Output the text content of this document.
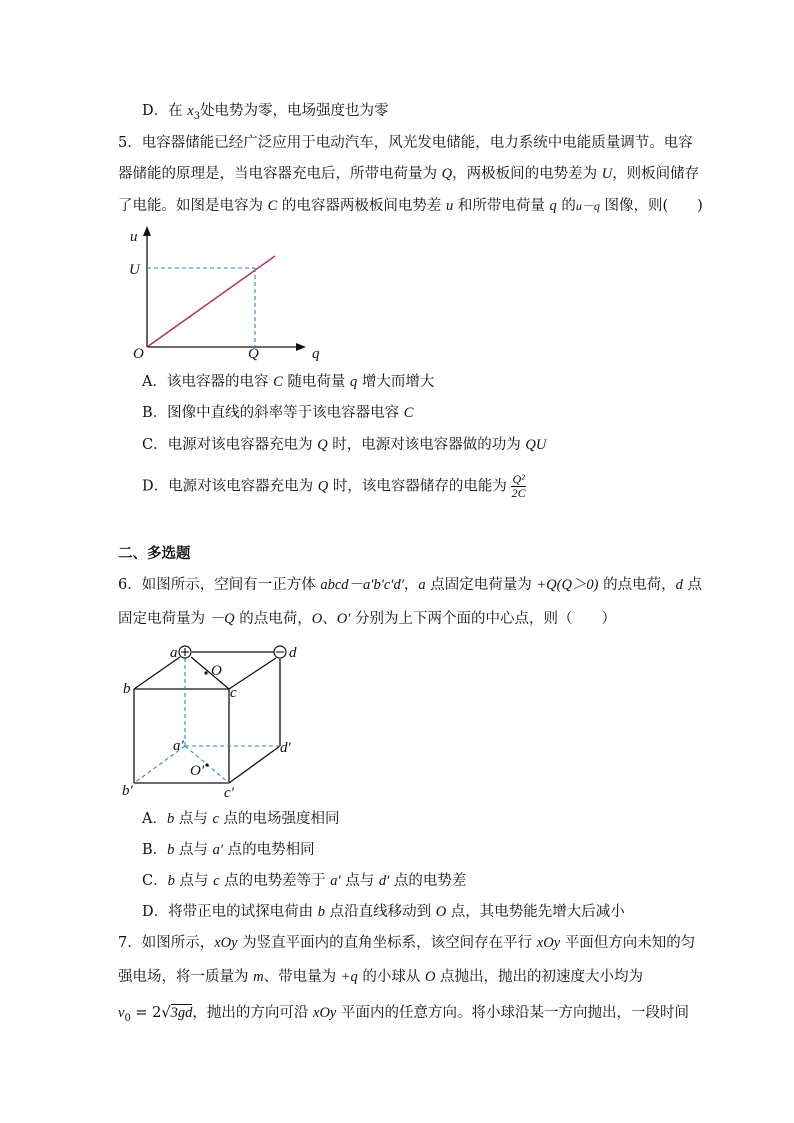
D．在 $x_3$处电势为零，电场强度也为零
5．电容器储能已经广泛应用于电动汽车，风光发电储能，电力系统中电能质量调节。电容
器储能的原理是，当电容器充电后，所带电荷量为 Q，两极板间的电势差为 U，则板间储存
了电能。如图是电容为 C 的电容器两极板间电势差 u 和所带电荷量 q 的u－q 图像，则(　　)
u
q
O
U
Q
A．该电容器的电容 C 随电荷量 q 增大而增大
B．图像中直线的斜率等于该电容器电容 C
C．电源对该电容器充电为 Q 时，电源对该电容器做的功为 QU
D．电源对该电容器充电为 Q 时，该电容器储存的电能为 $\frac{\text{Q²}}{2C}$
二、多选题
6．如图所示，空间有一正方体 abcd－a′b′c′d′，a 点固定电荷量为 +Q(Q＞0) 的点电荷，d 点
固定电荷量为 －Q 的点电荷，O、O′ 分别为上下两个面的中心点，则（　　）
a	d
b	c
O
a′	d′
O′
b′	c′
A．b 点与 c 点的电场强度相同
B．b 点与 a′ 点的电势相同
C．b 点与 c 点的电势差等于 a′ 点与 d′ 点的电势差
D．将带正电的试探电荷由 b 点沿直线移动到 O 点，其电势能先增大后减小
7．如图所示，xOy 为竖直平面内的直角坐标系，该空间存在平行 xOy 平面但方向未知的匀
强电场，将一质量为 m、带电量为 +q 的小球从 O 点抛出，抛出的初速度大小均为
$v_0 = 2√3gd$，抛出的方向可沿 xOy 平面内的任意方向。将小球沿某一方向抛出，一段时间
